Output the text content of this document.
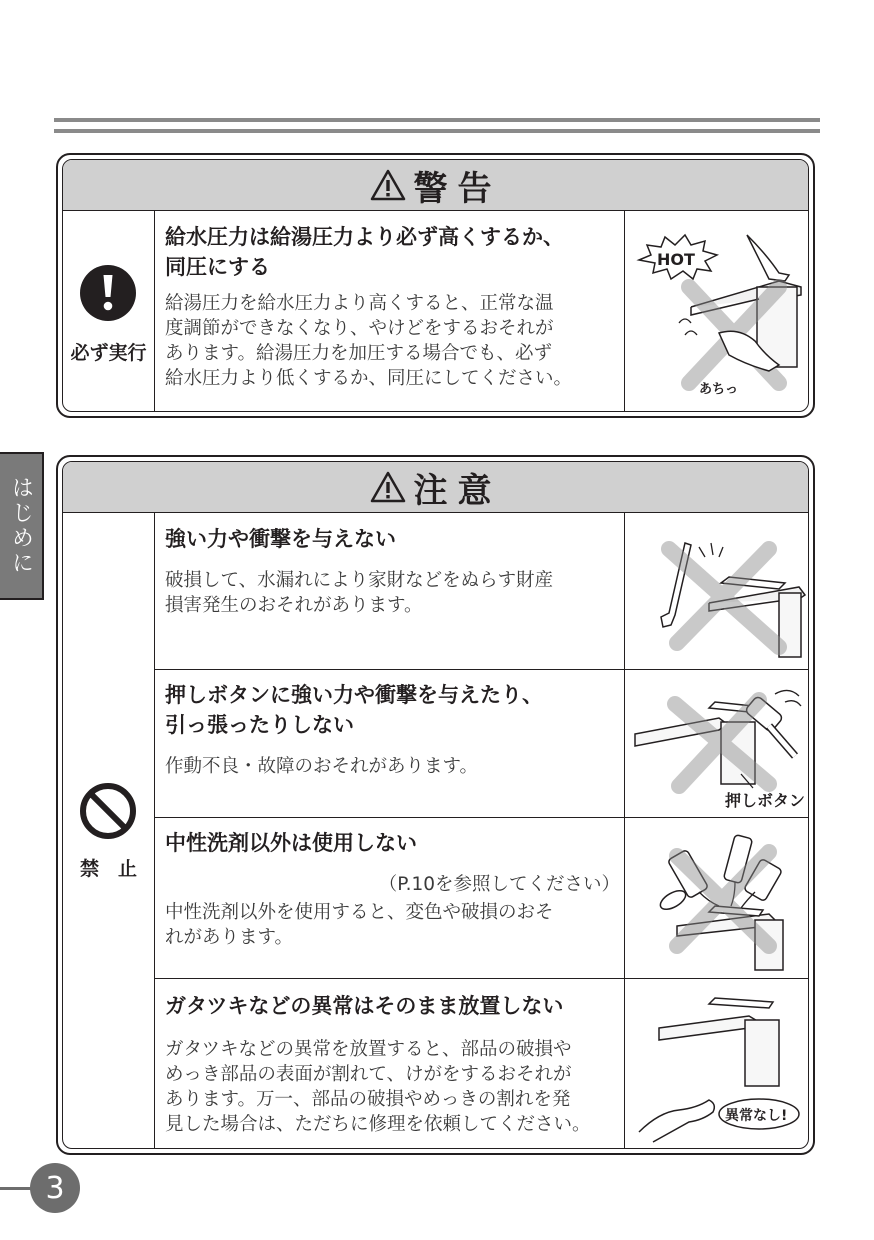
警告
必ず実行
給水圧力は給湯圧力より必ず高くするか、
同圧にする
給湯圧力を給水圧力より高くすると、正常な温
度調節ができなくなり、やけどをするおそれが
あります。給湯圧力を加圧する場合でも、必ず
給水圧力より低くするか、同圧にしてください。
HOT
あちっ
はじめに	注意
禁　止
強い力や衝撃を与えない
破損して、水漏れにより家財などをぬらす財産
損害発生のおそれがあります。
押しボタンに強い力や衝撃を与えたり、
引っ張ったりしない
作動不良・故障のおそれがあります。
押しボタン
中性洗剤以外は使用しない
（P.10を参照してください）
中性洗剤以外を使用すると、変色や破損のおそ
れがあります。
ガタツキなどの異常はそのまま放置しない
ガタツキなどの異常を放置すると、部品の破損や
めっき部品の表面が割れて、けがをするおそれが
あります。万一、部品の破損やめっきの割れを発
見した場合は、ただちに修理を依頼してください。	異常なし!
3
